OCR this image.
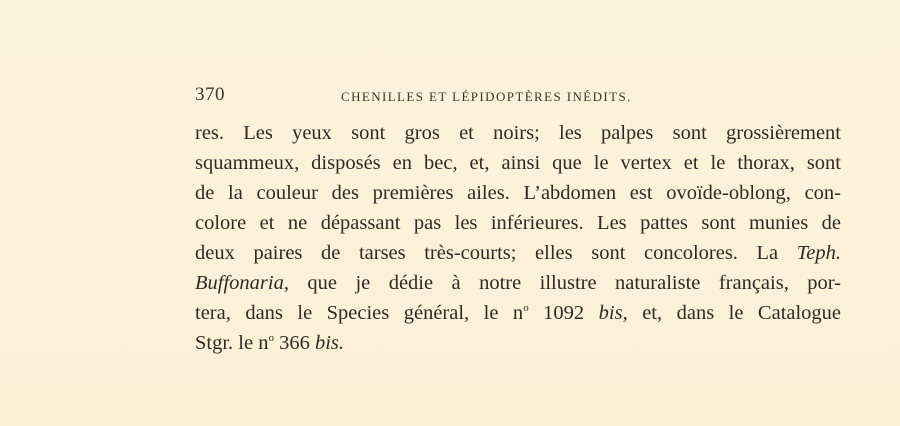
370	CHENILLES ET LÉPIDOPTÈRES INÉDITS.
res. Les yeux sont gros et noirs; les palpes sont grossièrement
squammeux, disposés en bec, et, ainsi que le vertex et le thorax, sont
de la couleur des premières ailes. L’abdomen est ovoïde-oblong, con-
colore et ne dépassant pas les inférieures. Les pattes sont munies de
deux paires de tarses très-courts; elles sont concolores. La Teph.
Buffonaria, que je dédie à notre illustre naturaliste français, por-
tera, dans le Species général, le $n^o$ 1092 bis, et, dans le Catalogue
Stgr. le $n^o$ 366 bis.
